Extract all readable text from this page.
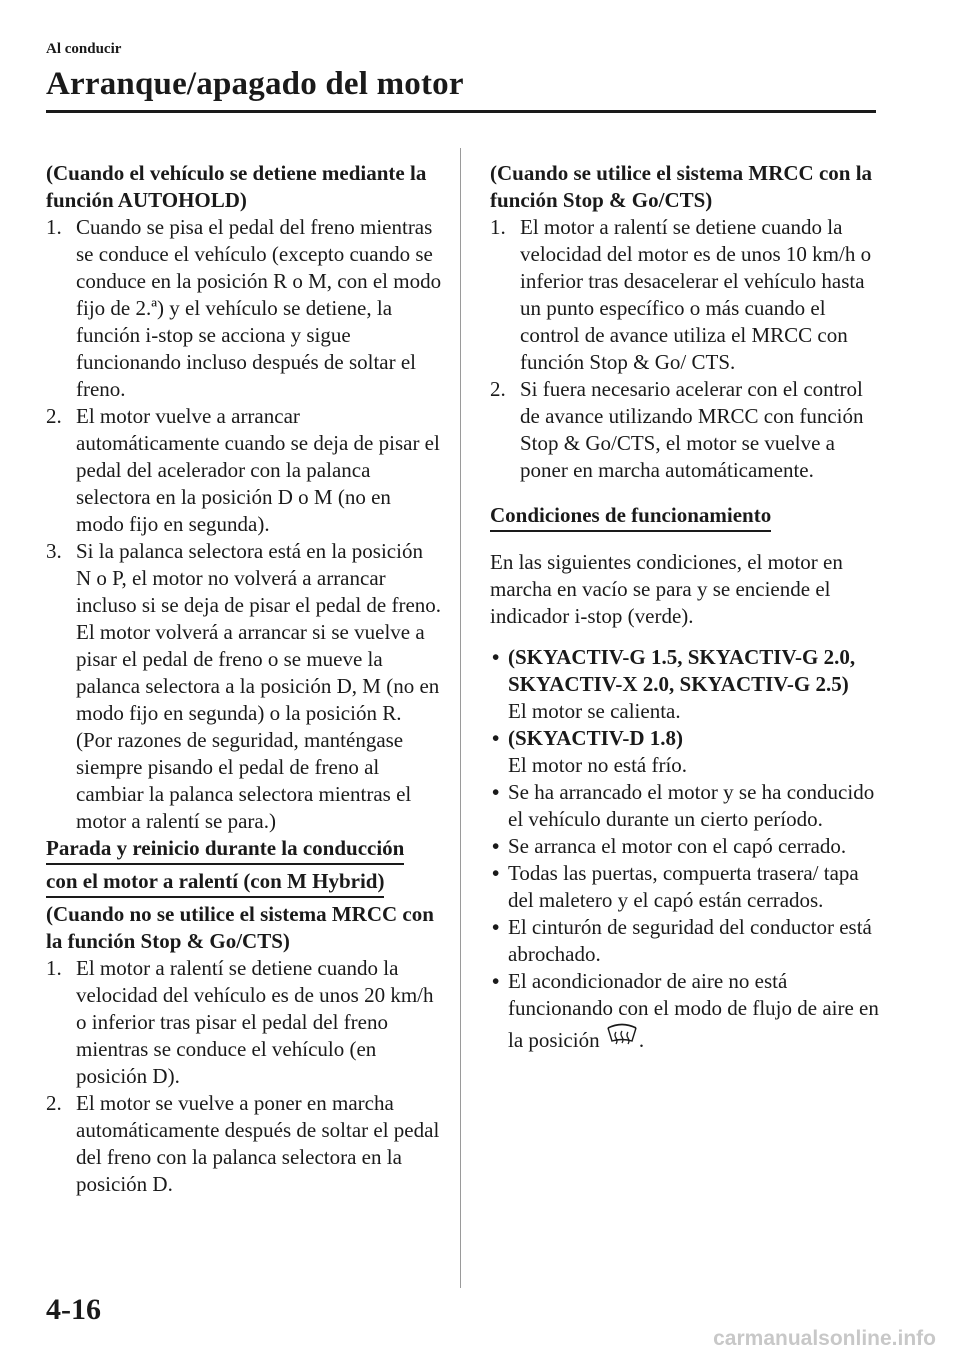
Al conducir
Arranque/apagado del motor
(Cuando el vehículo se detiene mediante la función AUTOHOLD)
1. Cuando se pisa el pedal del freno mientras se conduce el vehículo (excepto cuando se conduce en la posición R o M, con el modo fijo de 2.ª) y el vehículo se detiene, la función i-stop se acciona y sigue funcionando incluso después de soltar el freno.
2. El motor vuelve a arrancar automáticamente cuando se deja de pisar el pedal del acelerador con la palanca selectora en la posición D o M (no en modo fijo en segunda).
3. Si la palanca selectora está en la posición N o P, el motor no volverá a arrancar incluso si se deja de pisar el pedal de freno. El motor volverá a arrancar si se vuelve a pisar el pedal de freno o se mueve la palanca selectora a la posición D, M (no en modo fijo en segunda) o la posición R. (Por razones de seguridad, manténgase siempre pisando el pedal de freno al cambiar la palanca selectora mientras el motor a ralentí se para.)
Parada y reinicio durante la conducción
con el motor a ralentí (con M Hybrid)
(Cuando no se utilice el sistema MRCC con la función Stop & Go/CTS)
1. El motor a ralentí se detiene cuando la velocidad del vehículo es de unos 20 km/h o inferior tras pisar el pedal del freno mientras se conduce el vehículo (en posición D).
2. El motor se vuelve a poner en marcha automáticamente después de soltar el pedal del freno con la palanca selectora en la posición D.
(Cuando se utilice el sistema MRCC con la función Stop & Go/CTS)
1. El motor a ralentí se detiene cuando la velocidad del motor es de unos 10 km/h o inferior tras desacelerar el vehículo hasta un punto específico o más cuando el control de avance utiliza el MRCC con función Stop & Go/ CTS.
2. Si fuera necesario acelerar con el control de avance utilizando MRCC con función Stop & Go/CTS, el motor se vuelve a poner en marcha automáticamente.
Condiciones de funcionamiento
En las siguientes condiciones, el motor en marcha en vacío se para y se enciende el indicador i-stop (verde).
• (SKYACTIV-G 1.5, SKYACTIV-G 2.0, SKYACTIV-X 2.0, SKYACTIV-G 2.5)
El motor se calienta.
• (SKYACTIV-D 1.8)
El motor no está frío.
• Se ha arrancado el motor y se ha conducido el vehículo durante un cierto período.
• Se arranca el motor con el capó cerrado.
• Todas las puertas, compuerta trasera/ tapa del maletero y el capó están cerrados.
• El cinturón de seguridad del conductor está abrochado.
• El acondicionador de aire no está funcionando con el modo de flujo de aire en la posición .
4-16
carmanualsonline.info
